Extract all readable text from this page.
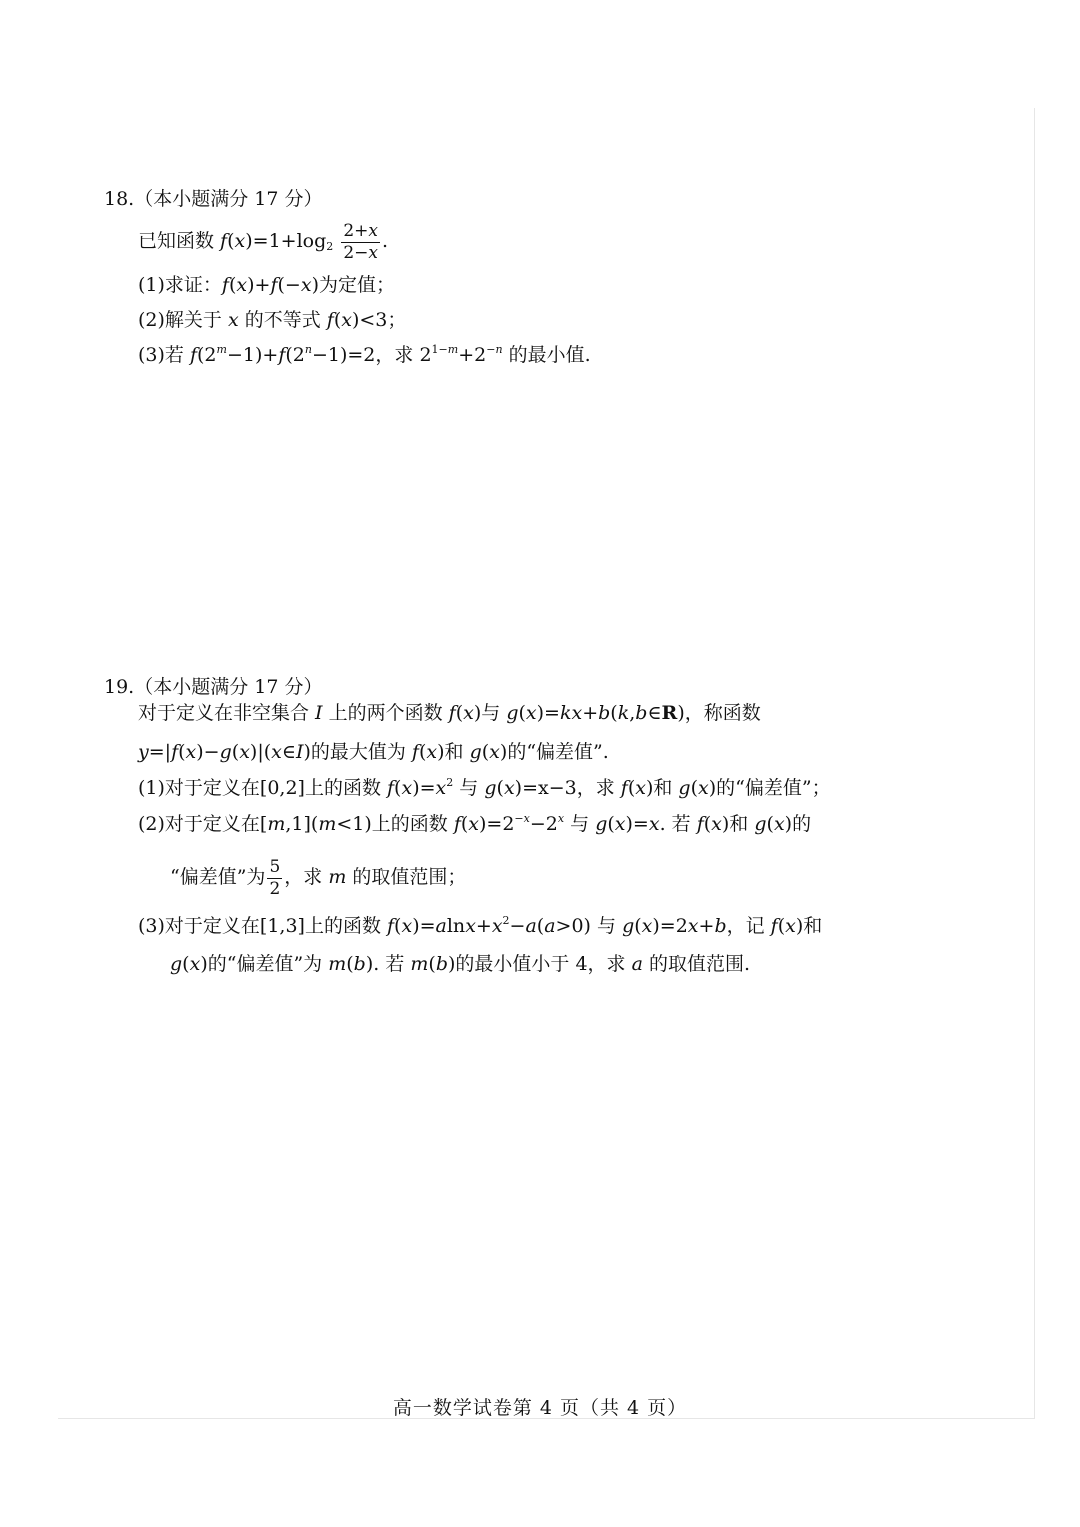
18.（本小题满分 17 分）
已知函数 $f(x)=1+\log_2 \frac{2+x}{2-x}$ .
(1)求证：f(x)+f(−x)为定值；
(2)解关于 x 的不等式 f(x)<3；
(3)若 $f(2^m-1)+f(2^n-1)=2$，求 $2^{1-m}+2^{-n}$ 的最小值.
19.（本小题满分 17 分）
对于定义在非空集合 I 上的两个函数 f(x)与 g(x)=kx+b(k,b∈R)，称函数
y=|f(x)−g(x)|(x∈I)的最大值为 f(x)和 g(x)的“偏差值”.
(1)对于定义在[0,2]上的函数 $f(x)=x^2$ 与 g(x)=x−3，求 f(x)和 g(x)的“偏差值”；
(2)对于定义在[m,1](m<1)上的函数 $f(x)=2^{-x}-2^x$ 与 g(x)=x. 若 f(x)和 g(x)的
“偏差值”为 $\frac{5}{2}$ ，求 m 的取值范围；
(3)对于定义在[1,3]上的函数 $f(x)=alnx+x^2-a(a>0)$ 与 g(x)=2x+b，记 f(x)和
g(x)的“偏差值”为 m(b). 若 m(b)的最小值小于 4，求 a 的取值范围.
高一数学试卷第 4 页（共 4 页）
